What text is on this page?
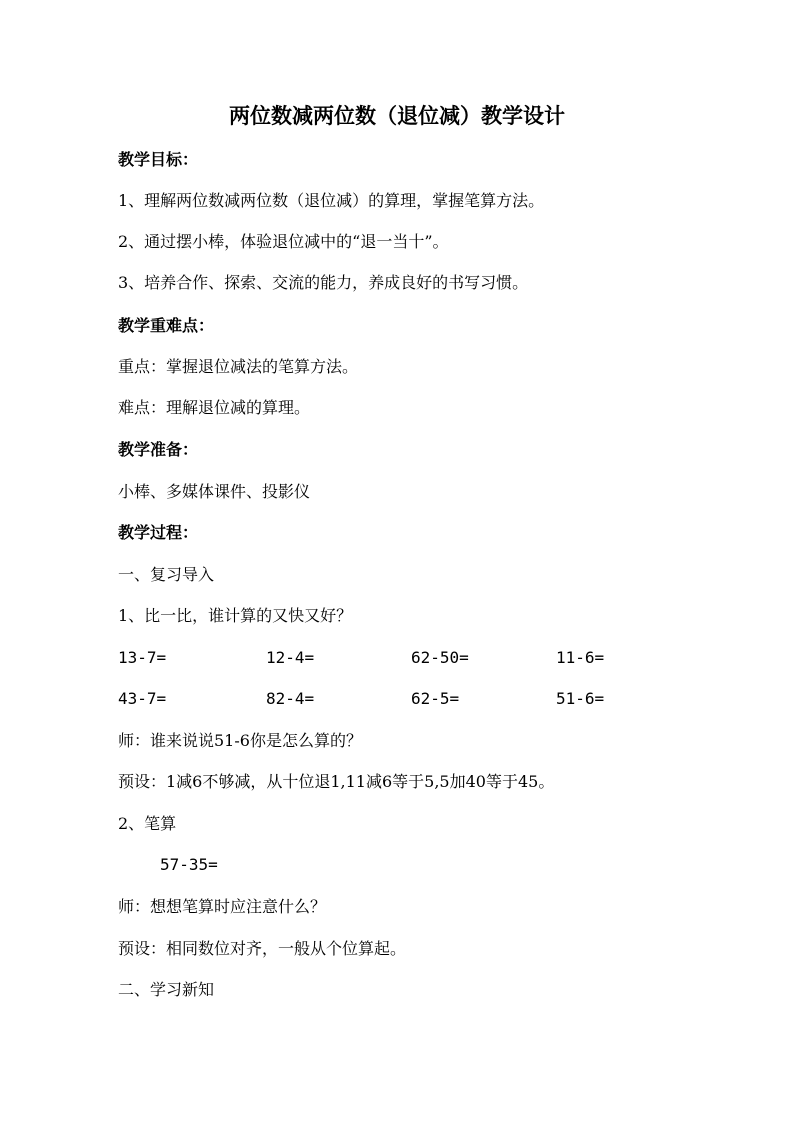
两位数减两位数（退位减）教学设计
教学目标：
1、理解两位数减两位数（退位减）的算理，掌握笔算方法。
2、通过摆小棒，体验退位减中的“退一当十”。
3、培养合作、探索、交流的能力，养成良好的书写习惯。
教学重难点：
重点：掌握退位减法的笔算方法。
难点：理解退位减的算理。
教学准备：
小棒、多媒体课件、投影仪
教学过程：
一、复习导入
1、比一比，谁计算的又快又好？
13-7=	12-4=	62-50=	11-6=
43-7=	82-4=	62-5=	51-6=
师：谁来说说51-6你是怎么算的？
预设：1减6不够减，从十位退1,11减6等于5,5加40等于45。
2、笔算
57-35=
师：想想笔算时应注意什么？
预设：相同数位对齐，一般从个位算起。
二、学习新知
